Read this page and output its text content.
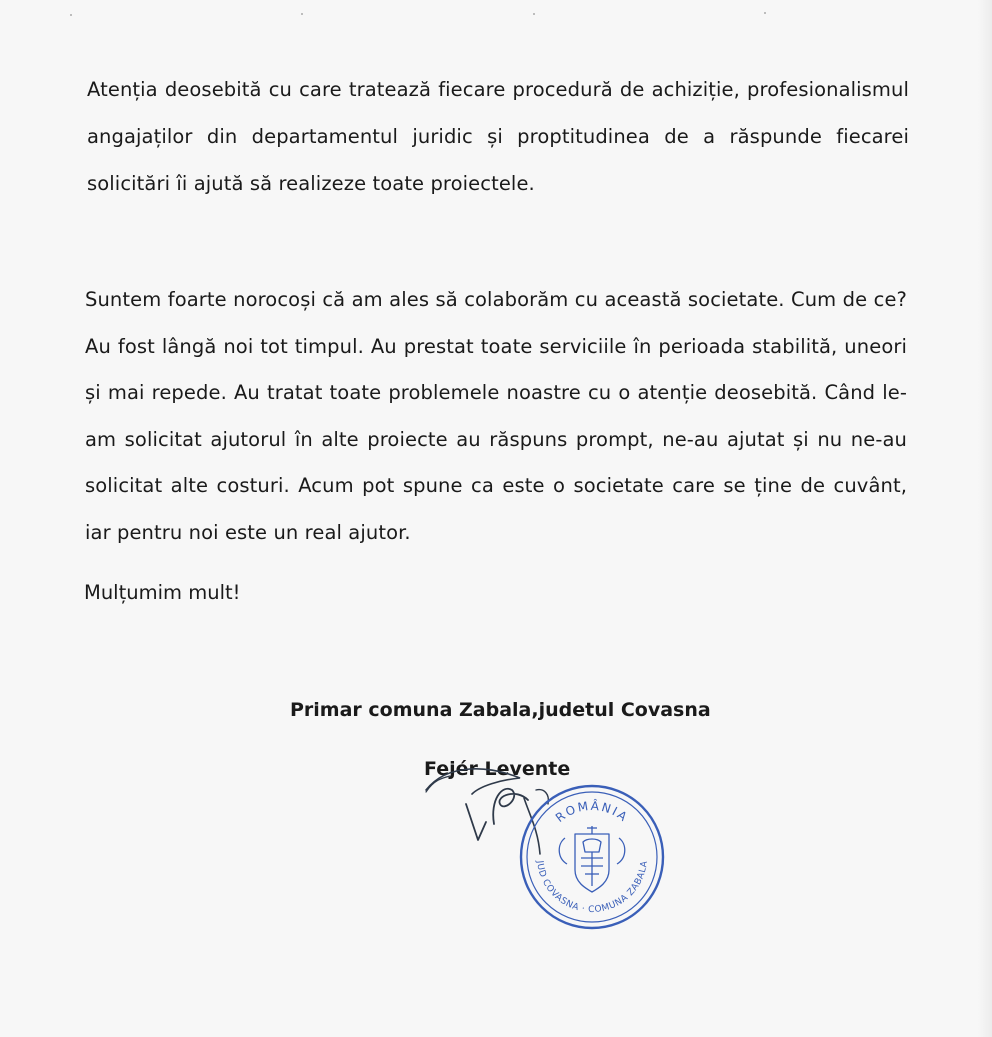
Atenția deosebită cu care tratează fiecare procedură de achiziție, profesionalismul angajaților din departamentul juridic și proptitudinea de a răspunde fiecarei solicitări îi ajută să realizeze toate proiectele.

Suntem foarte norocoși că am ales să colaborăm cu această societate. Cum de ce? Au fost lângă noi tot timpul. Au prestat toate serviciile în perioada stabilită, uneori și mai repede. Au tratat toate problemele noastre cu o atenție deosebită. Când le-am solicitat ajutorul în alte proiecte au răspuns prompt, ne-au ajutat și nu ne-au solicitat alte costuri. Acum pot spune ca este o societate care se ține de cuvânt, iar pentru noi este un real ajutor.

Mulțumim mult!

Primar comuna Zabala,judetul Covasna

Fejér Levente

ROMÂNIA
JUD COVASNA · COMUNA ZABALA
